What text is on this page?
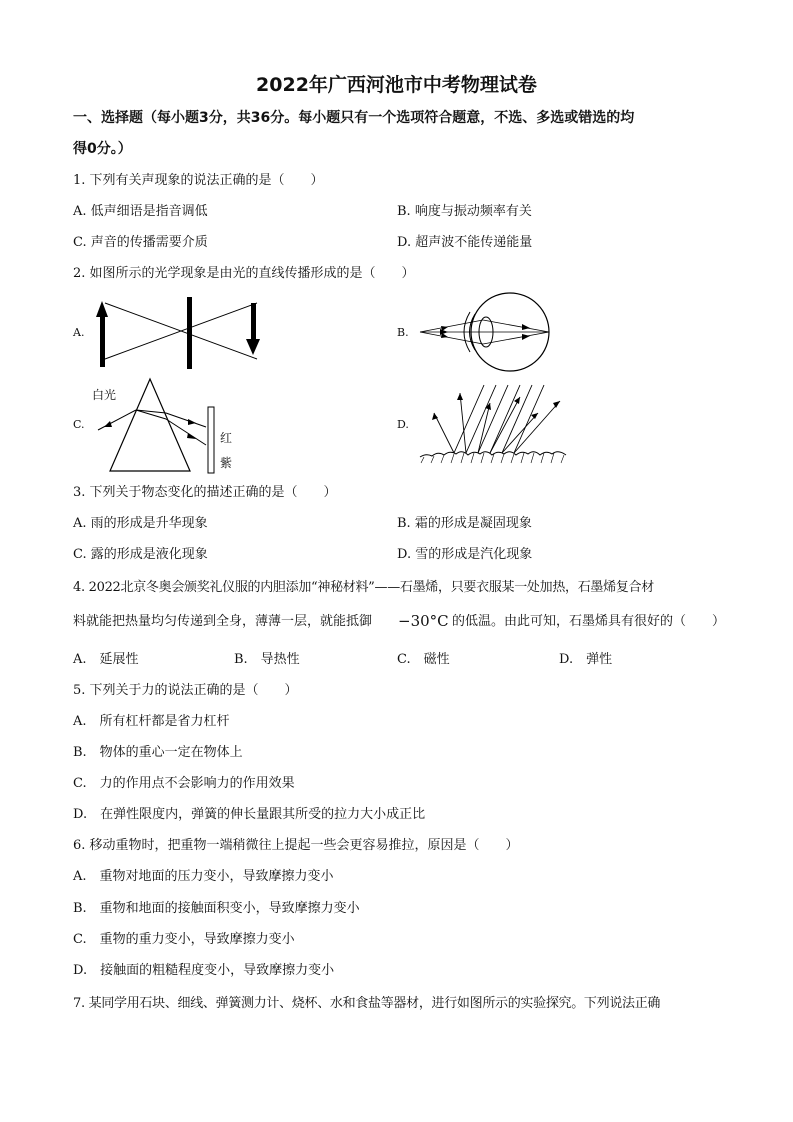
2022年广西河池市中考物理试卷
一、选择题（每小题3分，共36分。每小题只有一个选项符合题意，不选、多选或错选的均
得0分。）
1. 下列有关声现象的说法正确的是（　　）
A. 低声细语是指音调低	B. 响度与振动频率有关
C. 声音的传播需要介质	D. 超声波不能传递能量
2. 如图所示的光学现象是由光的直线传播形成的是（　　）
A.	B.
C.	D.
白光
红
紫
3. 下列关于物态变化的描述正确的是（　　）
A. 雨的形成是升华现象	B. 霜的形成是凝固现象
C. 露的形成是液化现象	D. 雪的形成是汽化现象
4. 2022北京冬奥会颁奖礼仪服的内胆添加“神秘材料”——石墨烯，只要衣服某一处加热，石墨烯复合材
料就能把热量均匀传递到全身，薄薄一层，就能抵御 −30°C 的低温。由此可知，石墨烯具有很好的（　　）
A.　延展性	B.　导热性	C.　磁性	D.　弹性
5. 下列关于力的说法正确的是（　　）
A.　所有杠杆都是省力杠杆
B.　物体的重心一定在物体上
C.　力的作用点不会影响力的作用效果
D.　在弹性限度内，弹簧的伸长量跟其所受的拉力大小成正比
6. 移动重物时，把重物一端稍微往上提起一些会更容易推拉，原因是（　　）
A.　重物对地面的压力变小，导致摩擦力变小
B.　重物和地面的接触面积变小，导致摩擦力变小
C.　重物的重力变小，导致摩擦力变小
D.　接触面的粗糙程度变小，导致摩擦力变小
7. 某同学用石块、细线、弹簧测力计、烧杯、水和食盐等器材，进行如图所示的实验探究。下列说法正确
